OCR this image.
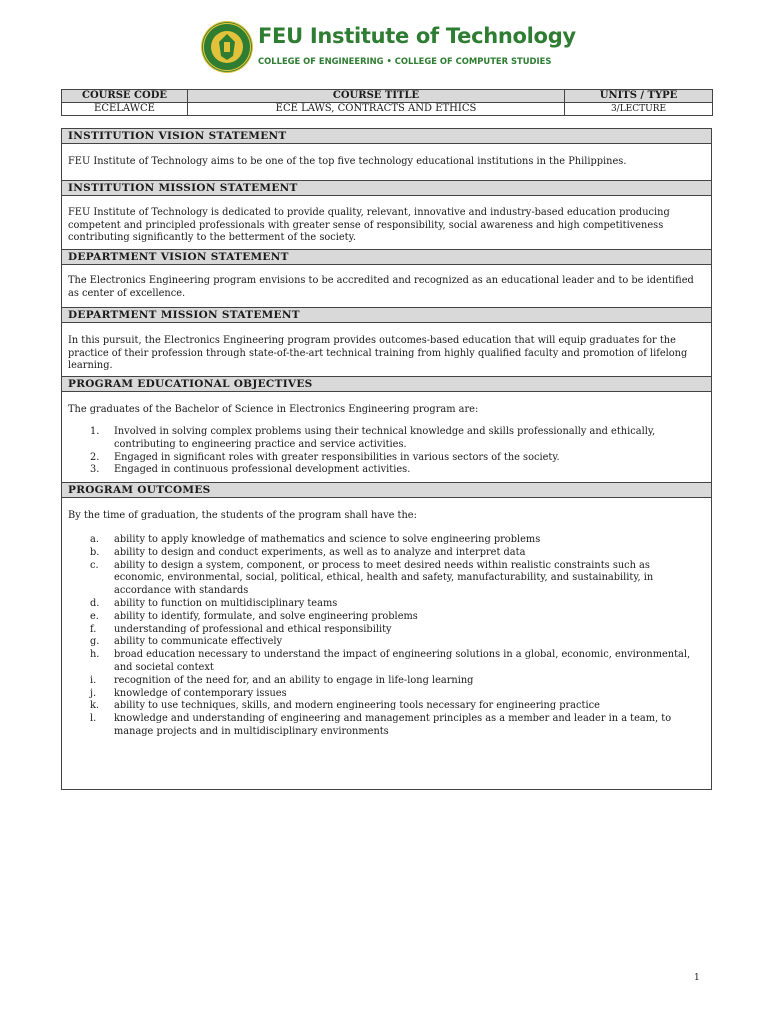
FEU Institute of Technology
COLLEGE OF ENGINEERING • COLLEGE OF COMPUTER STUDIES
COURSE CODE	COURSE TITLE	UNITS / TYPE
ECELAWCE	ECE LAWS, CONTRACTS AND ETHICS	3/LECTURE
INSTITUTION VISION STATEMENT

FEU Institute of Technology aims to be one of the top five technology educational institutions in the Philippines.

INSTITUTION MISSION STATEMENT

FEU Institute of Technology is dedicated to provide quality, relevant, innovative and industry-based education producing competent and principled professionals with greater sense of responsibility, social awareness and high competitiveness contributing significantly to the betterment of the society.

DEPARTMENT VISION STATEMENT

The Electronics Engineering program envisions to be accredited and recognized as an educational leader and to be identified as center of excellence.

DEPARTMENT MISSION STATEMENT

In this pursuit, the Electronics Engineering program provides outcomes-based education that will equip graduates for the practice of their profession through state-of-the-art technical training from highly qualified faculty and promotion of lifelong learning.

PROGRAM EDUCATIONAL OBJECTIVES

The graduates of the Bachelor of Science in Electronics Engineering program are:

1. Involved in solving complex problems using their technical knowledge and skills professionally and ethically, contributing to engineering practice and service activities.
2. Engaged in significant roles with greater responsibilities in various sectors of the society.
3. Engaged in continuous professional development activities.
PROGRAM OUTCOMES

By the time of graduation, the students of the program shall have the:

a. ability to apply knowledge of mathematics and science to solve engineering problems
b. ability to design and conduct experiments, as well as to analyze and interpret data
c. ability to design a system, component, or process to meet desired needs within realistic constraints such as economic, environmental, social, political, ethical, health and safety, manufacturability, and sustainability, in accordance with standards
d. ability to function on multidisciplinary teams
e. ability to identify, formulate, and solve engineering problems
f. understanding of professional and ethical responsibility
g. ability to communicate effectively
h. broad education necessary to understand the impact of engineering solutions in a global, economic, environmental, and societal context
i. recognition of the need for, and an ability to engage in life-long learning
j. knowledge of contemporary issues
k. ability to use techniques, skills, and modern engineering tools necessary for engineering practice
l. knowledge and understanding of engineering and management principles as a member and leader in a team, to manage projects and in multidisciplinary environments
1
